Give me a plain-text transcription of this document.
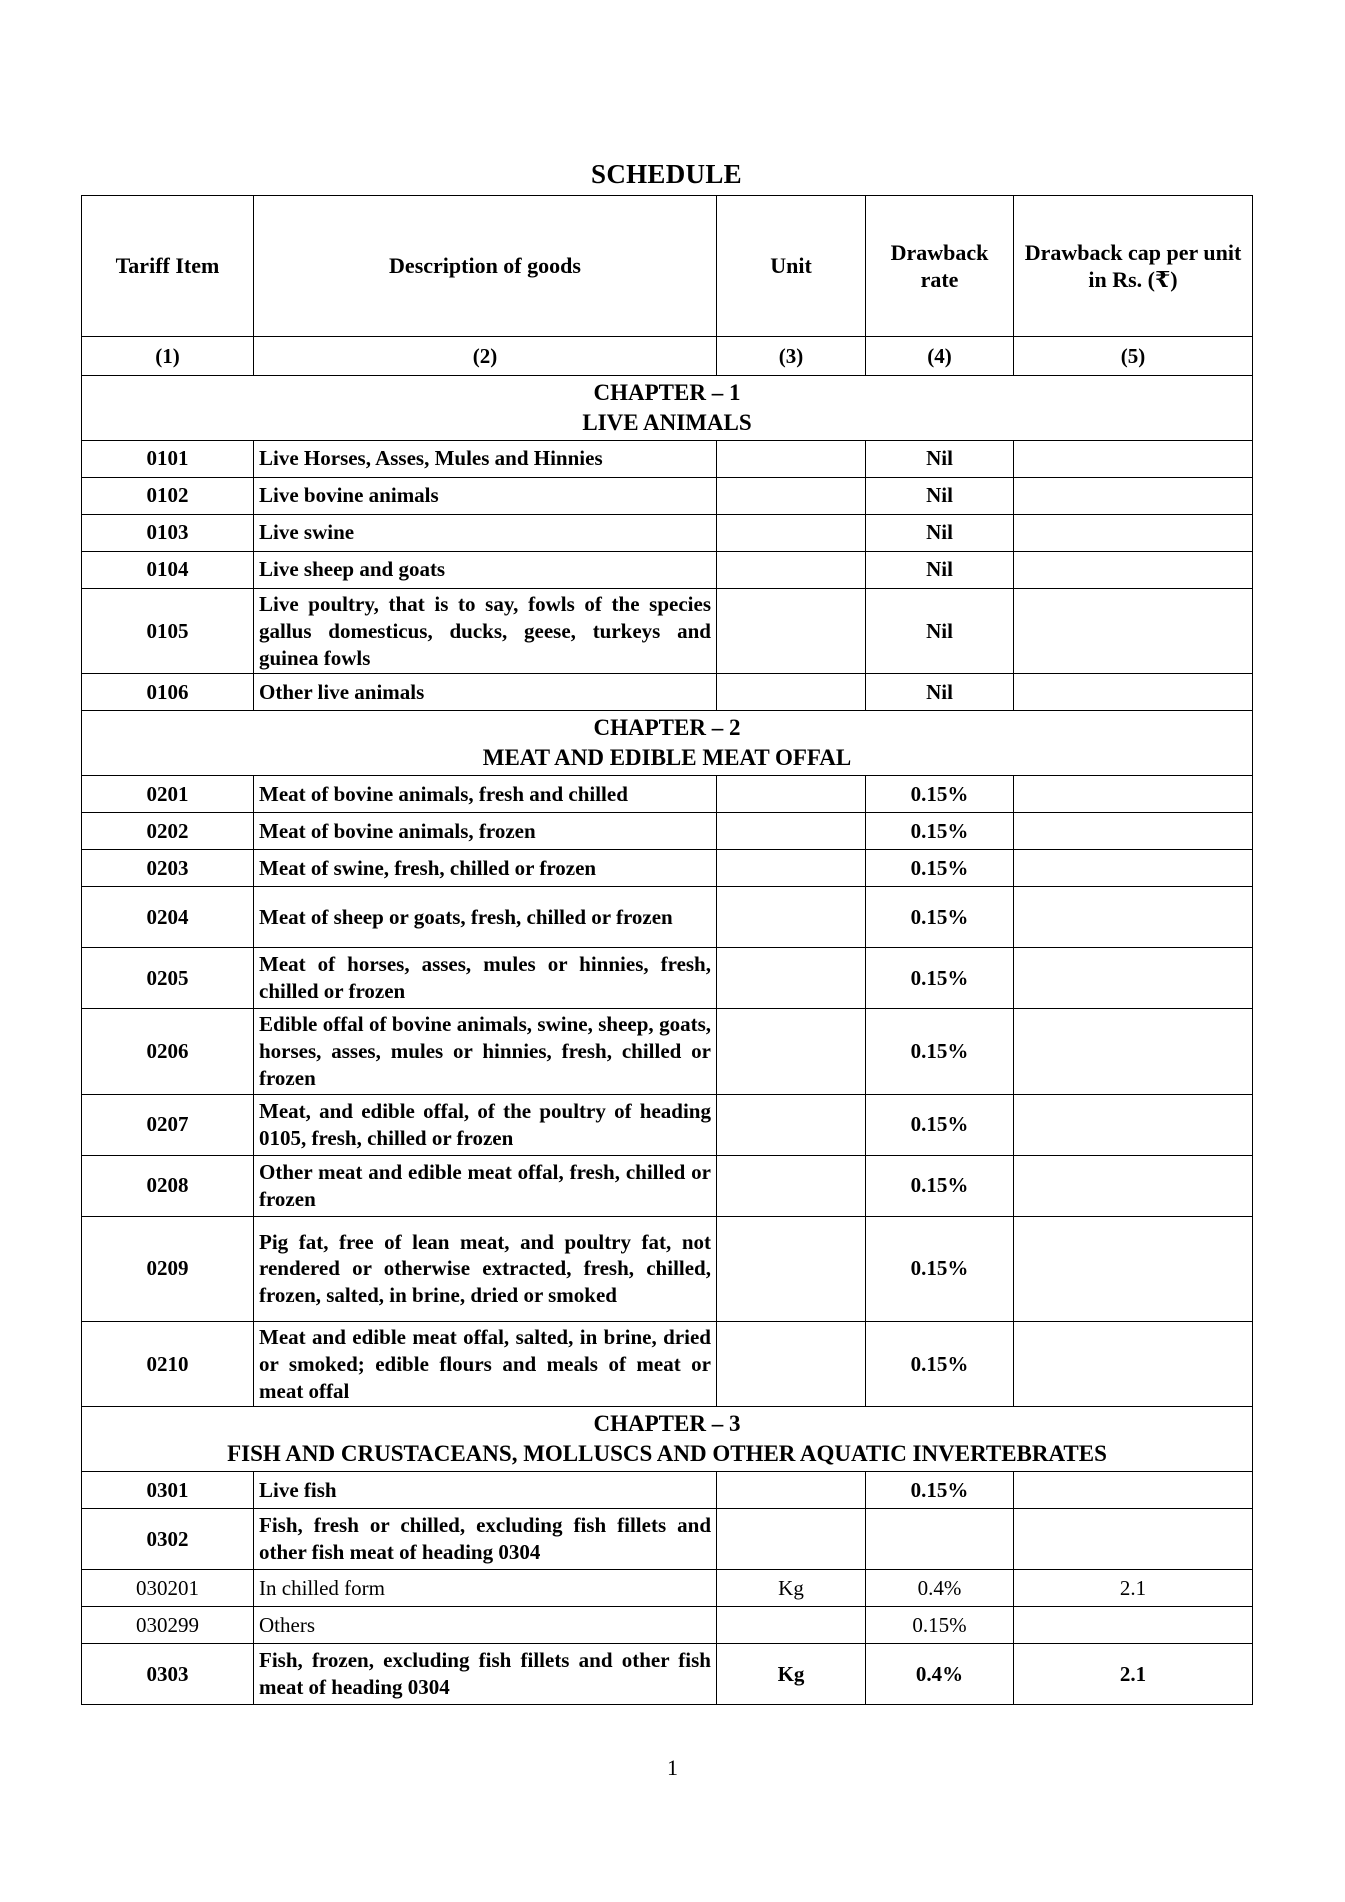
SCHEDULE
Tariff Item	Description of goods	Unit	Drawback rate	Drawback cap per unit in Rs. (₹)
(1)	(2)	(3)	(4)	(5)

CHAPTER – 1
LIVE ANIMALS				

0101	Live Horses, Asses, Mules and Hinnies		Nil	
0102	Live bovine animals		Nil	
0103	Live swine		Nil	
0104	Live sheep and goats		Nil	
0105	Live poultry, that is to say, fowls of the species gallus domesticus, ducks, geese, turkeys and guinea fowls		Nil	
0106	Other live animals		Nil	

CHAPTER – 2
MEAT AND EDIBLE MEAT OFFAL				

0201	Meat of bovine animals, fresh and chilled		0.15%	
0202	Meat of bovine animals, frozen		0.15%	
0203	Meat of swine, fresh, chilled or frozen		0.15%	
0204	Meat of sheep or goats, fresh, chilled or frozen		0.15%	
0205	Meat of horses, asses, mules or hinnies, fresh, chilled or frozen		0.15%	
0206	Edible offal of bovine animals, swine, sheep, goats, horses, asses, mules or hinnies, fresh, chilled or frozen		0.15%	
0207	Meat, and edible offal, of the poultry of heading 0105, fresh, chilled or frozen		0.15%	
0208	Other meat and edible meat offal, fresh, chilled or frozen		0.15%	
0209	Pig fat, free of lean meat, and poultry fat, not rendered or otherwise extracted, fresh, chilled, frozen, salted, in brine, dried or smoked		0.15%	
0210	Meat and edible meat offal, salted, in brine, dried or smoked; edible flours and meals of meat or meat offal		0.15%	

CHAPTER – 3
FISH AND CRUSTACEANS, MOLLUSCS AND OTHER AQUATIC INVERTEBRATES				

0301	Live fish		0.15%	
0302	Fish, fresh or chilled, excluding fish fillets and other fish meat of heading 0304			
030201	In chilled form	Kg	0.4%	2.1
030299	Others		0.15%	
0303	Fish, frozen, excluding fish fillets and other fish meat of heading 0304	Kg	0.4%	2.1
1
